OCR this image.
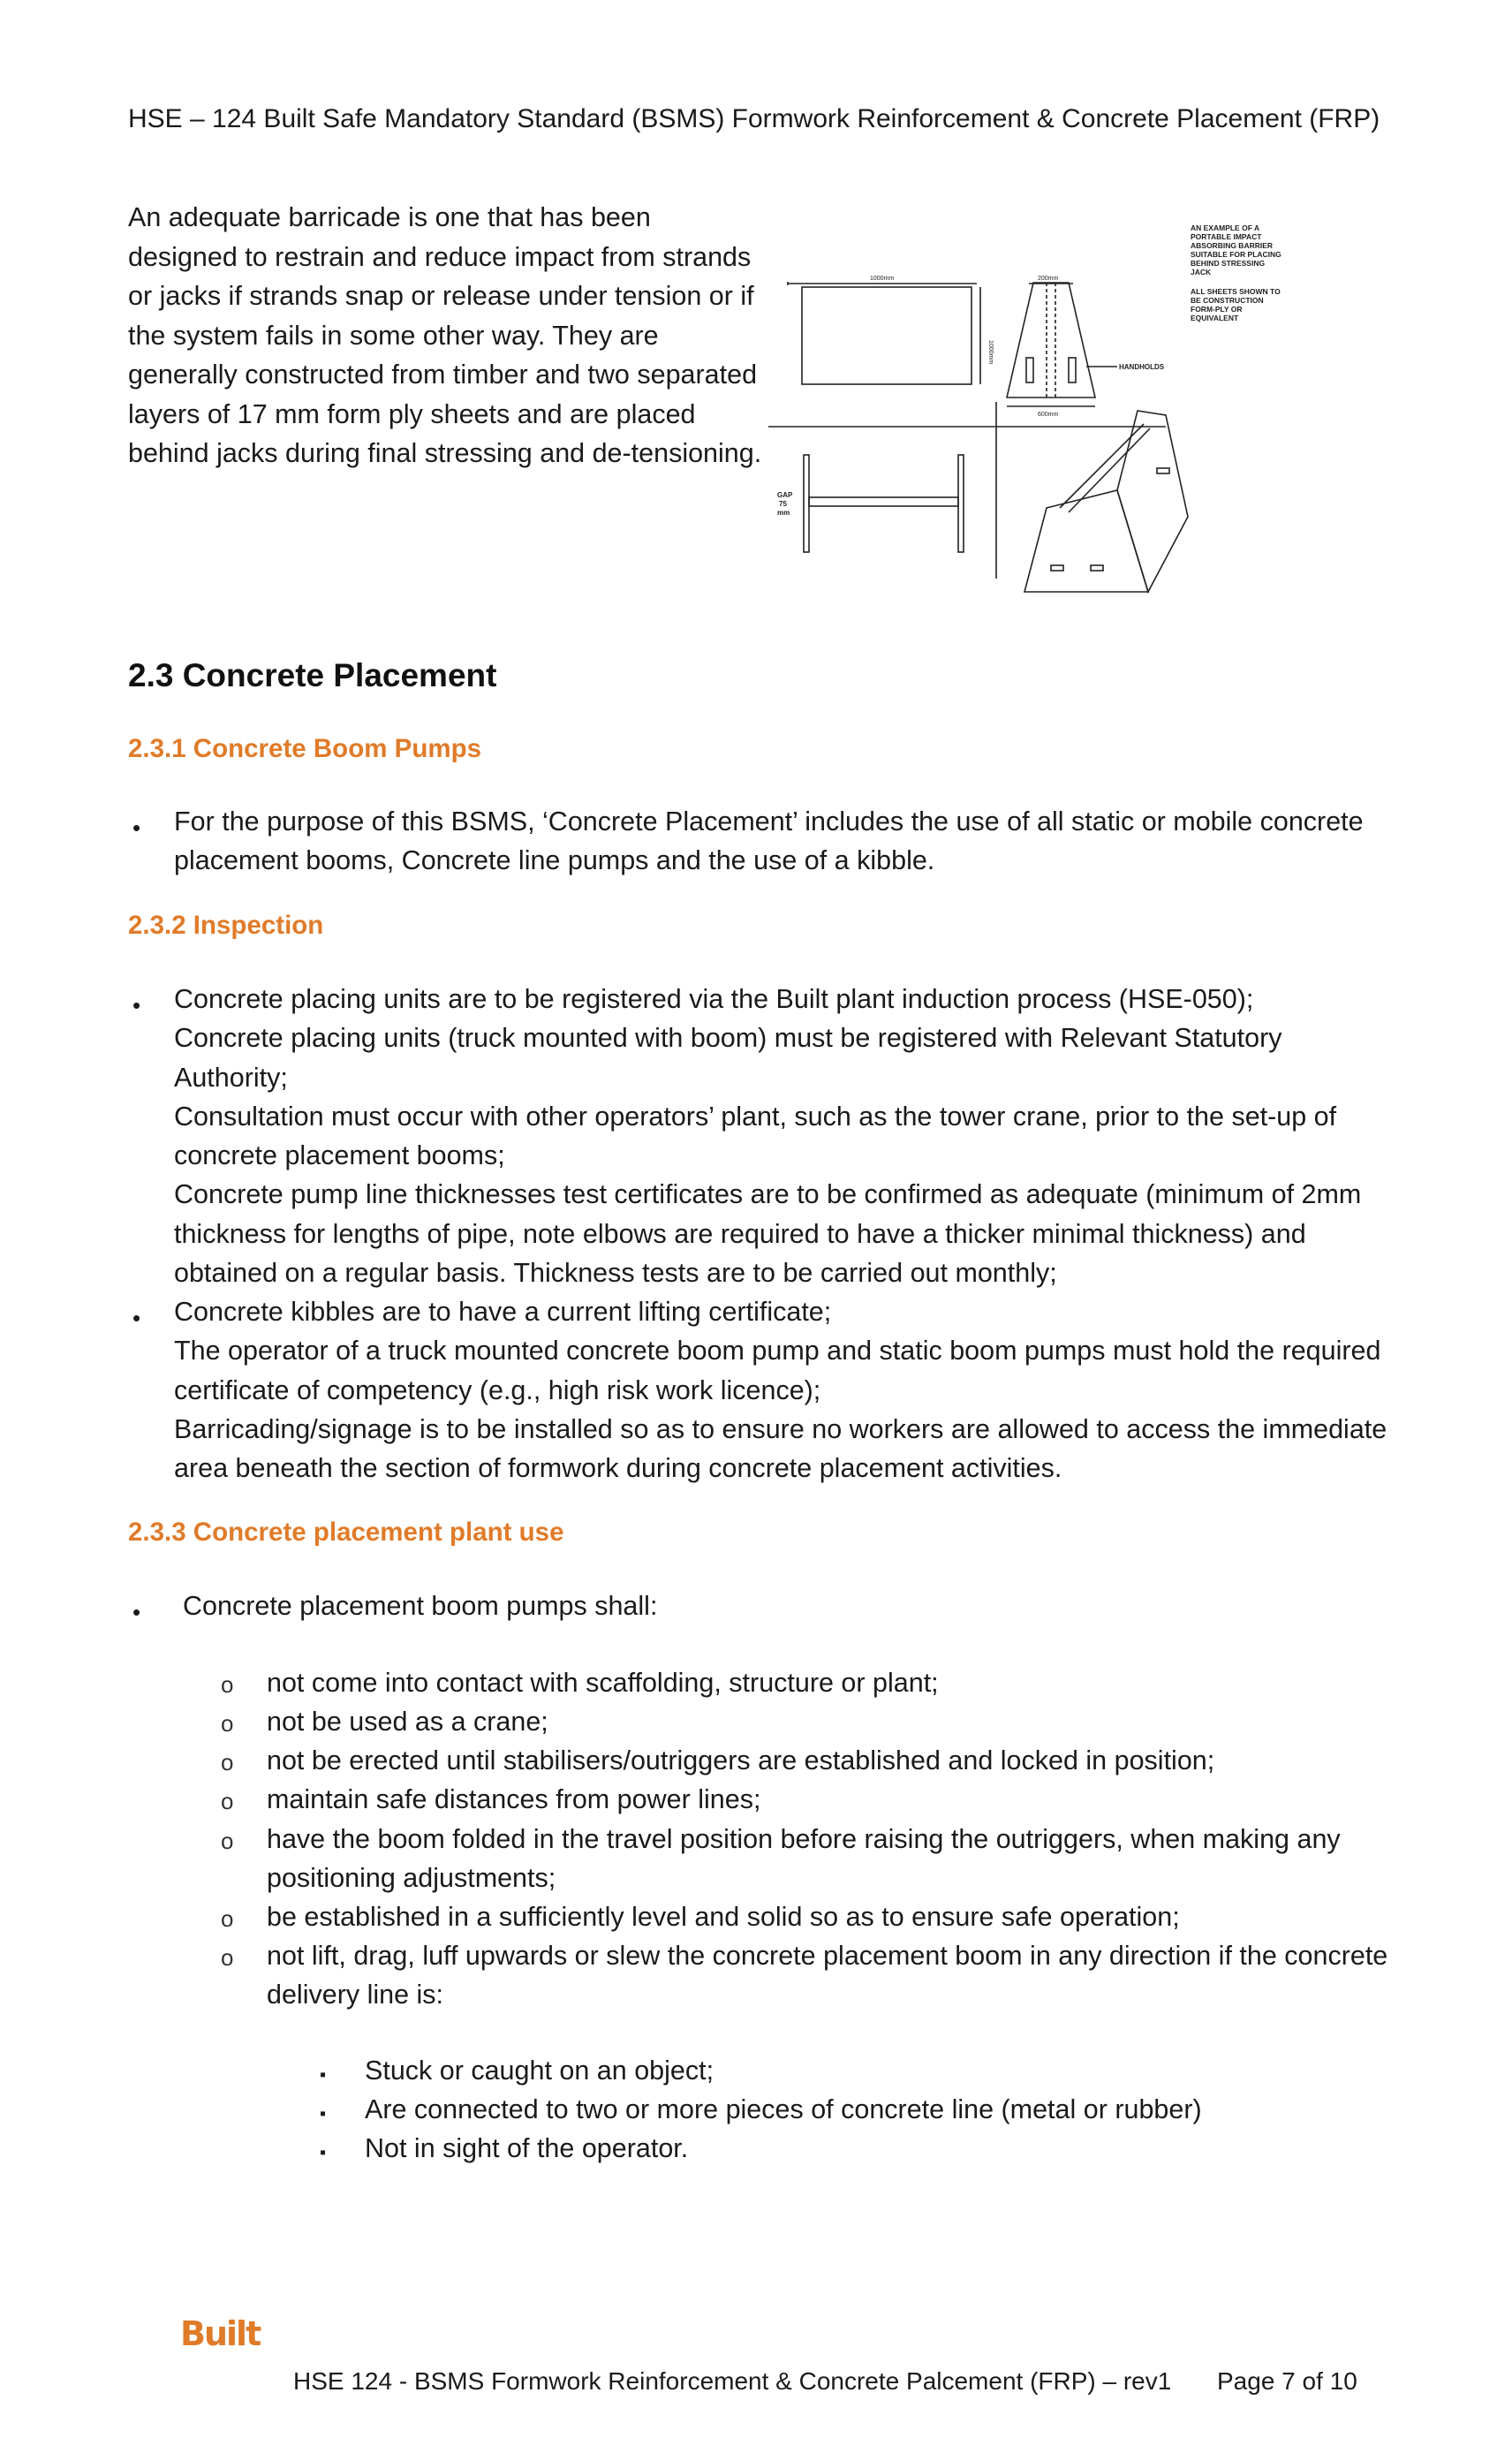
HSE – 124 Built Safe Mandatory Standard (BSMS) Formwork Reinforcement & Concrete Placement (FRP)
An adequate barricade is one that has been
designed to restrain and reduce impact from strands
or jacks if strands snap or release under tension or if
the system fails in some other way. They are
generally constructed from timber and two separated
layers of 17 mm form ply sheets and are placed
behind jacks during final stressing and de-tensioning.
1000mm
1000mm
200mm
600mm
HANDHOLDS
GAP
75
mm
AN EXAMPLE OF A
PORTABLE IMPACT
ABSORBING BARRIER
SUITABLE FOR PLACING
BEHIND STRESSING
JACK
ALL SHEETS SHOWN TO
BE CONSTRUCTION
FORM-PLY OR
EQUIVALENT
2.3 Concrete Placement
2.3.1 Concrete Boom Pumps
• For the purpose of this BSMS, ‘Concrete Placement’ includes the use of all static or mobile concrete
placement booms, Concrete line pumps and the use of a kibble.
2.3.2 Inspection
• Concrete placing units are to be registered via the Built plant induction process (HSE-050);
Concrete placing units (truck mounted with boom) must be registered with Relevant Statutory
Authority;
Consultation must occur with other operators’ plant, such as the tower crane, prior to the set-up of
concrete placement booms;
Concrete pump line thicknesses test certificates are to be confirmed as adequate (minimum of 2mm
thickness for lengths of pipe, note elbows are required to have a thicker minimal thickness) and
obtained on a regular basis. Thickness tests are to be carried out monthly;
• Concrete kibbles are to have a current lifting certificate;
The operator of a truck mounted concrete boom pump and static boom pumps must hold the required
certificate of competency (e.g., high risk work licence);
Barricading/signage is to be installed so as to ensure no workers are allowed to access the immediate
area beneath the section of formwork during concrete placement activities.
2.3.3 Concrete placement plant use
• Concrete placement boom pumps shall:
o not come into contact with scaffolding, structure or plant;
o not be used as a crane;
o not be erected until stabilisers/outriggers are established and locked in position;
o maintain safe distances from power lines;
o have the boom folded in the travel position before raising the outriggers, when making any
positioning adjustments;
o be established in a sufficiently level and solid so as to ensure safe operation;
o not lift, drag, luff upwards or slew the concrete placement boom in any direction if the concrete
delivery line is:
▪ Stuck or caught on an object;
▪ Are connected to two or more pieces of concrete line (metal or rubber)
▪ Not in sight of the operator.
Built
HSE 124 - BSMS Formwork Reinforcement & Concrete Palcement (FRP) – rev1 Page 7 of 10
